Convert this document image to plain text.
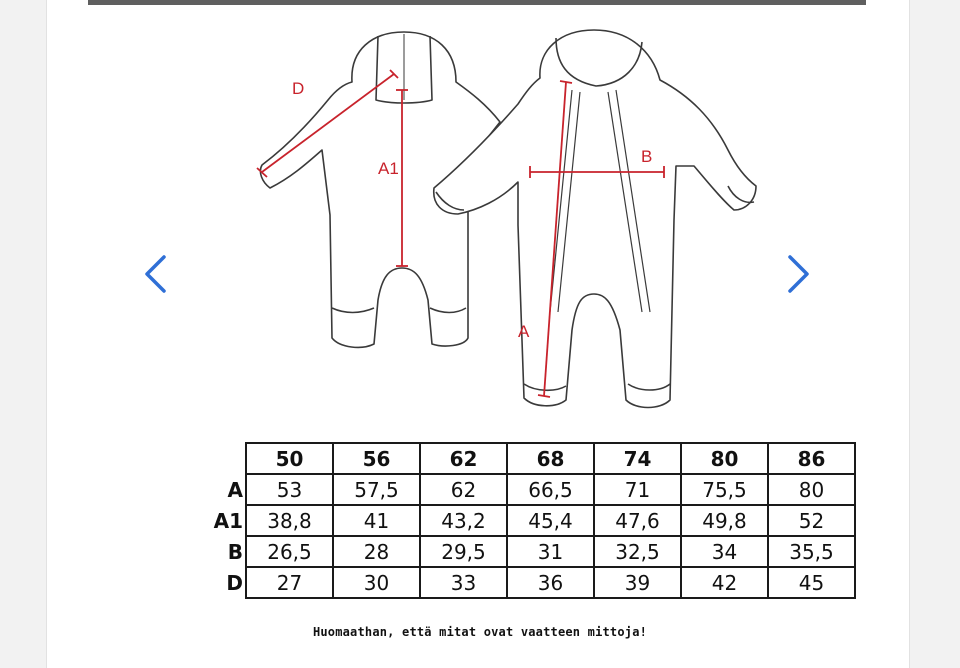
D
A1
B
A
	50	56	62	68	74	80	86
A	53	57,5	62	66,5	71	75,5	80
A1	38,8	41	43,2	45,4	47,6	49,8	52
B	26,5	28	29,5	31	32,5	34	35,5
D	27	30	33	36	39	42	45
Huomaathan, että mitat ovat vaatteen mittoja!
